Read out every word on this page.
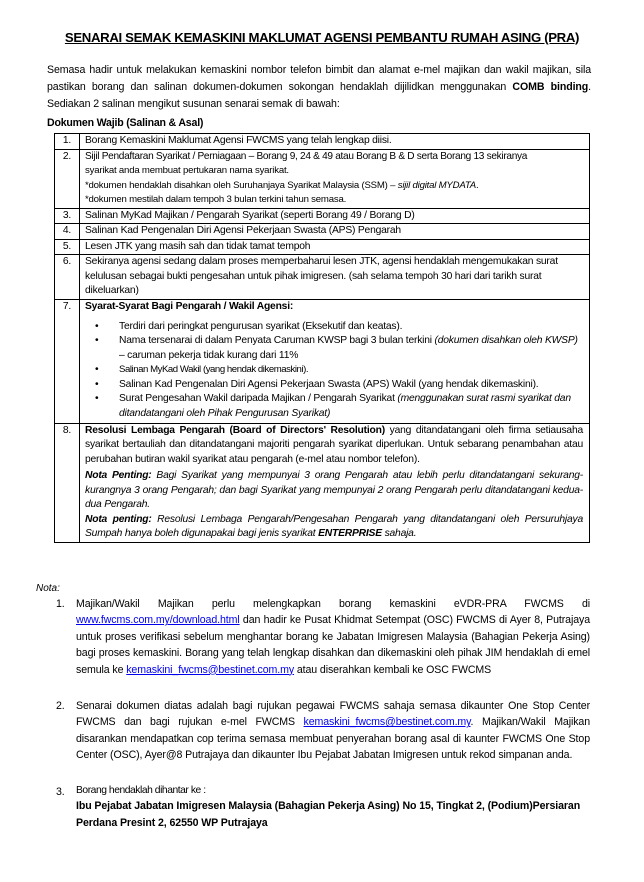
SENARAI SEMAK KEMASKINI MAKLUMAT AGENSI PEMBANTU RUMAH ASING (PRA)
Semasa hadir untuk melakukan kemaskini nombor telefon bimbit dan alamat e-mel majikan dan wakil majikan, sila pastikan borang dan salinan dokumen-dokumen sokongan hendaklah dijilidkan menggunakan COMB binding. Sediakan 2 salinan mengikut susunan senarai semak di bawah:
Dokumen Wajib (Salinan & Asal)
1.	Borang Kemaskini Maklumat Agensi FWCMS yang telah lengkap diisi.
2.	Sijil Pendaftaran Syarikat / Perniagaan – Borang 9, 24 & 49 atau Borang B & D serta Borang 13 sekiranya
syarikat anda membuat pertukaran nama syarikat.
*dokumen hendaklah disahkan oleh Suruhanjaya Syarikat Malaysia (SSM) – sijil digital MYDATA.
*dokumen mestilah dalam tempoh 3 bulan terkini tahun semasa.

3.	Salinan MyKad Majikan / Pengarah Syarikat (seperti Borang 49 / Borang D)
4.	Salinan Kad Pengenalan Diri Agensi Pekerjaan Swasta (APS) Pengarah
5.	Lesen JTK yang masih sah dan tidak tamat tempoh
6.	Sekiranya agensi sedang dalam proses memperbaharui lesen JTK, agensi hendaklah mengemukakan surat kelulusan sebagai bukti pengesahan untuk pihak imigresen. (sah selama tempoh 30 hari dari tarikh surat dikeluarkan)
7.	Syarat-Syarat Bagi Pengarah / Wakil Agensi:
• Terdiri dari peringkat pengurusan syarikat (Eksekutif dan keatas).
• Nama tersenarai di dalam Penyata Caruman KWSP bagi 3 bulan terkini (dokumen disahkan oleh KWSP) – caruman pekerja tidak kurang dari 11%
• Salinan MyKad Wakil (yang hendak dikemaskini).
• Salinan Kad Pengenalan Diri Agensi Pekerjaan Swasta (APS) Wakil (yang hendak dikemaskini).
• Surat Pengesahan Wakil daripada Majikan / Pengarah Syarikat (menggunakan surat rasmi syarikat dan ditandatangani oleh Pihak Pengurusan Syarikat)

8.	Resolusi Lembaga Pengarah (Board of Directors' Resolution) yang ditandatangani oleh firma setiausaha syarikat bertauliah dan ditandatangani majoriti pengarah syarikat diperlukan. Untuk sebarang penambahan atau perubahan butiran wakil syarikat atau pengarah (e-mel atau nombor telefon).
Nota Penting: Bagi Syarikat yang mempunyai 3 orang Pengarah atau lebih perlu ditandatangani sekurang-kurangnya 3 orang Pengarah; dan bagi Syarikat yang mempunyai 2 orang Pengarah perlu ditandatangani kedua-dua Pengarah.
Nota penting: Resolusi Lembaga Pengarah/Pengesahan Pengarah yang ditandatangani oleh Persuruhjaya Sumpah hanya boleh digunapakai bagi jenis syarikat ENTERPRISE sahaja.
Nota:
1. Majikan/Wakil Majikan perlu melengkapkan borang kemaskini eVDR-PRA FWCMS di www.fwcms.com.my/download.html dan hadir ke Pusat Khidmat Setempat (OSC) FWCMS di Ayer 8, Putrajaya untuk proses verifikasi sebelum menghantar borang ke Jabatan Imigresen Malaysia (Bahagian Pekerja Asing) bagi proses kemaskini. Borang yang telah lengkap disahkan dan dikemaskini oleh pihak JIM hendaklah di emel semula ke kemaskini_fwcms@bestinet.com.my atau diserahkan kembali ke OSC FWCMS
2. Senarai dokumen diatas adalah bagi rujukan pegawai FWCMS sahaja semasa dikaunter One Stop Center FWCMS dan bagi rujukan e-mel FWCMS kemaskini_fwcms@bestinet.com.my. Majikan/Wakil Majikan disarankan mendapatkan cop terima semasa membuat penyerahan borang asal di kaunter FWCMS One Stop Center (OSC), Ayer@8 Putrajaya dan dikaunter Ibu Pejabat Jabatan Imigresen untuk rekod simpanan anda.
3. Borang hendaklah dihantar ke :
Ibu Pejabat Jabatan Imigresen Malaysia (Bahagian Pekerja Asing) No 15, Tingkat 2, (Podium)Persiaran Perdana Presint 2, 62550 WP Putrajaya
